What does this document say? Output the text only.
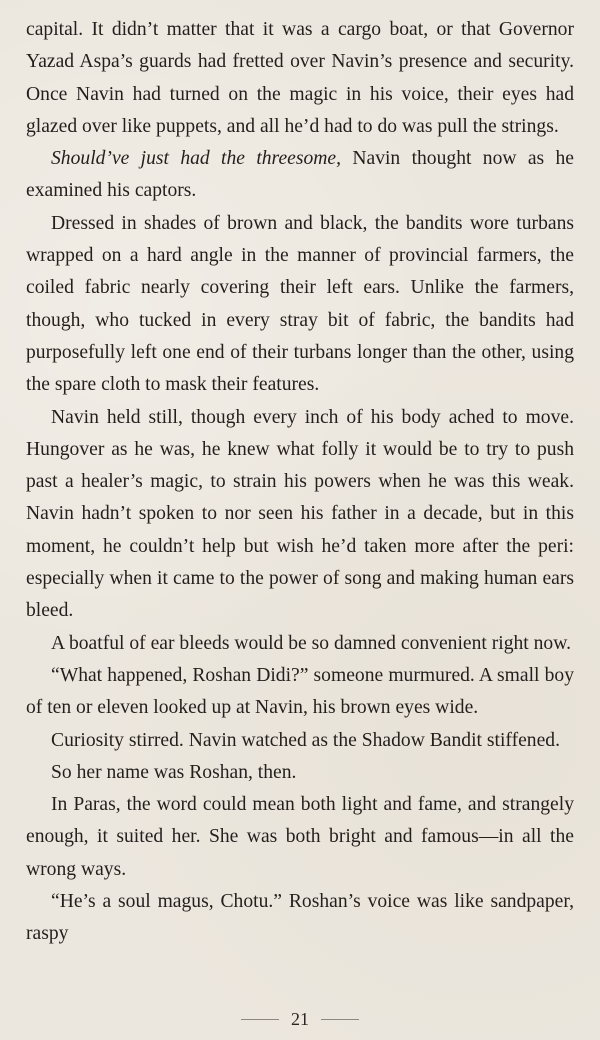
capital. It didn’t matter that it was a cargo boat, or that Governor Yazad Aspa’s guards had fretted over Navin’s presence and security. Once Navin had turned on the magic in his voice, their eyes had glazed over like puppets, and all he’d had to do was pull the strings.

Should’ve just had the threesome, Navin thought now as he examined his captors.

Dressed in shades of brown and black, the bandits wore turbans wrapped on a hard angle in the manner of provincial farmers, the coiled fabric nearly covering their left ears. Unlike the farmers, though, who tucked in every stray bit of fabric, the bandits had purposefully left one end of their turbans longer than the other, using the spare cloth to mask their features.

Navin held still, though every inch of his body ached to move. Hungover as he was, he knew what folly it would be to try to push past a healer’s magic, to strain his powers when he was this weak. Navin hadn’t spoken to nor seen his father in a decade, but in this moment, he couldn’t help but wish he’d taken more after the peri: especially when it came to the power of song and making human ears bleed.

A boatful of ear bleeds would be so damned convenient right now.

“What happened, Roshan Didi?” someone murmured. A small boy of ten or eleven looked up at Navin, his brown eyes wide.

Curiosity stirred. Navin watched as the Shadow Bandit stiffened.

So her name was Roshan, then.

In Paras, the word could mean both light and fame, and strangely enough, it suited her. She was both bright and famous—in all the wrong ways.

“He’s a soul magus, Chotu.” Roshan’s voice was like sandpaper, raspy

21
